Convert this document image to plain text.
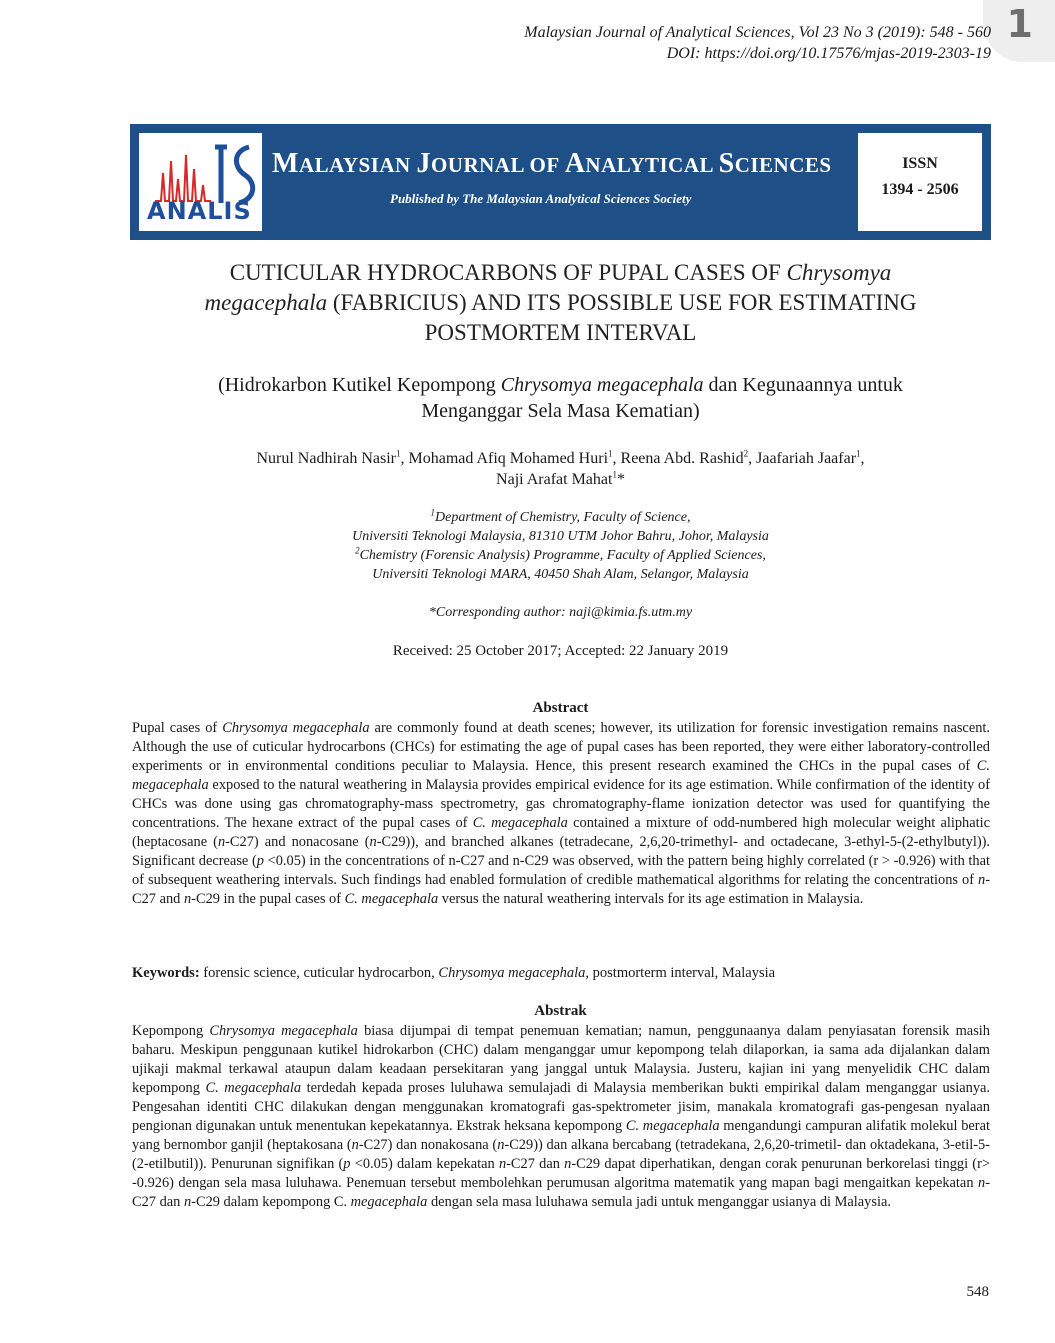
1
Malaysian Journal of Analytical Sciences, Vol 23 No 3 (2019): 548 - 560
DOI: https://doi.org/10.17576/mjas-2019-2303-19
ANALIS
MALAYSIAN JOURNAL OF ANALYTICAL SCIENCES
Published by The Malaysian Analytical Sciences Society
ISSN
1394 - 2506
CUTICULAR HYDROCARBONS OF PUPAL CASES OF Chrysomya
megacephala (FABRICIUS) AND ITS POSSIBLE USE FOR ESTIMATING
POSTMORTEM INTERVAL
(Hidrokarbon Kutikel Kepompong Chrysomya megacephala dan Kegunaannya untuk
Menganggar Sela Masa Kematian)
Nurul Nadhirah Nasir$^1$, Mohamad Afiq Mohamed Huri$^1$, Reena Abd. Rashid$^2$, Jaafariah Jaafar$^1$,
Naji Arafat Mahat$^1$*
$^1$Department of Chemistry, Faculty of Science,
Universiti Teknologi Malaysia, 81310 UTM Johor Bahru, Johor, Malaysia
$^2$Chemistry (Forensic Analysis) Programme, Faculty of Applied Sciences,
Universiti Teknologi MARA, 40450 Shah Alam, Selangor, Malaysia
*Corresponding author: naji@kimia.fs.utm.my
Received: 25 October 2017; Accepted: 22 January 2019
Abstract
Pupal cases of Chrysomya megacephala are commonly found at death scenes; however, its utilization for forensic investigation remains nascent. Although the use of cuticular hydrocarbons (CHCs) for estimating the age of pupal cases has been reported, they were either laboratory-controlled experiments or in environmental conditions peculiar to Malaysia. Hence, this present research examined the CHCs in the pupal cases of C. megacephala exposed to the natural weathering in Malaysia provides empirical evidence for its age estimation. While confirmation of the identity of CHCs was done using gas chromatography-mass spectrometry, gas chromatography-flame ionization detector was used for quantifying the concentrations. The hexane extract of the pupal cases of C. megacephala contained a mixture of odd-numbered high molecular weight aliphatic (heptacosane (n-C27) and nonacosane (n-C29)), and branched alkanes (tetradecane, 2,6,20-trimethyl- and octadecane, 3-ethyl-5-(2-ethylbutyl)). Significant decrease (p <0.05) in the concentrations of n-C27 and n-C29 was observed, with the pattern being highly correlated (r > -0.926) with that of subsequent weathering intervals. Such findings had enabled formulation of credible mathematical algorithms for relating the concentrations of n-C27 and n-C29 in the pupal cases of C. megacephala versus the natural weathering intervals for its age estimation in Malaysia.
Keywords: forensic science, cuticular hydrocarbon, Chrysomya megacephala, postmorterm interval, Malaysia
Abstrak
Kepompong Chrysomya megacephala biasa dijumpai di tempat penemuan kematian; namun, penggunaanya dalam penyiasatan forensik masih baharu. Meskipun penggunaan kutikel hidrokarbon (CHC) dalam menganggar umur kepompong telah dilaporkan, ia sama ada dijalankan dalam ujikaji makmal terkawal ataupun dalam keadaan persekitaran yang janggal untuk Malaysia. Justeru, kajian ini yang menyelidik CHC dalam kepompong C. megacephala terdedah kepada proses luluhawa semulajadi di Malaysia memberikan bukti empirikal dalam menganggar usianya. Pengesahan identiti CHC dilakukan dengan menggunakan kromatografi gas-spektrometer jisim, manakala kromatografi gas-pengesan nyalaan pengionan digunakan untuk menentukan kepekatannya. Ekstrak heksana kepompong C. megacephala mengandungi campuran alifatik molekul berat yang bernombor ganjil (heptakosana (n-C27) dan nonakosana (n-C29)) dan alkana bercabang (tetradekana, 2,6,20-trimetil- dan oktadekana, 3-etil-5-(2-etilbutil)). Penurunan signifikan (p <0.05) dalam kepekatan n-C27 dan n-C29 dapat diperhatikan, dengan corak penurunan berkorelasi tinggi (r> -0.926) dengan sela masa luluhawa. Penemuan tersebut membolehkan perumusan algoritma matematik yang mapan bagi mengaitkan kepekatan n-C27 dan n-C29 dalam kepompong C. megacephala dengan sela masa luluhawa semula jadi untuk menganggar usianya di Malaysia.
548
